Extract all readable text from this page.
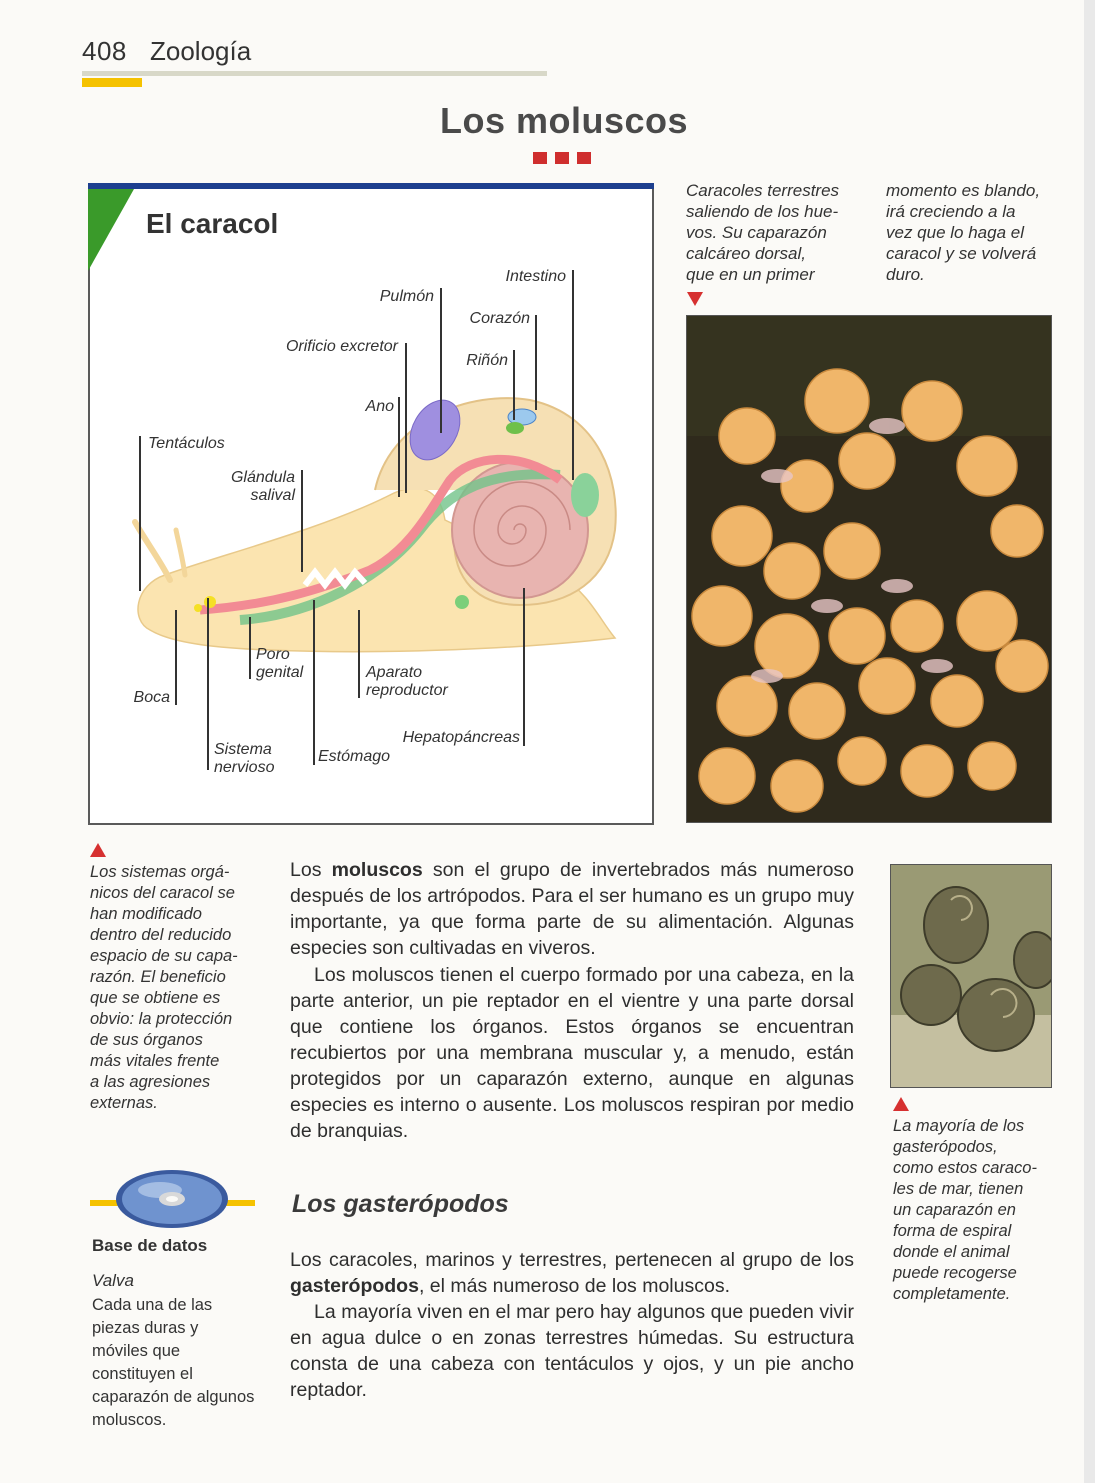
408 Zoología
Los moluscos
El caracol
Intestino
Pulmón
Corazón
Orificio excretor
Riñón
Ano
Tentáculos
Glándula
salival
Poro
genital	Aparato
reproductor
Boca
Hepatopáncreas
Sistema
nervioso
Estómago
Caracoles terrestres
saliendo de los hue-
vos. Su caparazón
calcáreo dorsal,
que en un primer
momento es blando,
irá creciendo a la
vez que lo haga el
caracol y se volverá
duro.
Los sistemas orgá-
nicos del caracol se
han modificado
dentro del reducido
espacio de su capa-
razón. El beneficio
que se obtiene es
obvio: la protección
de sus órganos
más vitales frente
a las agresiones
externas.
Los moluscos son el grupo de invertebrados más numeroso después de los artrópodos. Para el ser humano es un grupo muy importante, ya que forma parte de su alimentación. Algunas especies son cultivadas en viveros.
Los moluscos tienen el cuerpo formado por una cabeza, en la parte anterior, un pie reptador en el vientre y una parte dorsal que contiene los órganos. Estos órganos se encuentran recubiertos por una membrana muscular y, a menudo, están protegidos por un caparazón externo, aunque en algunas especies es interno o ausente. Los moluscos respiran por medio de branquias.
Los gasterópodos
Los caracoles, marinos y terrestres, pertenecen al grupo de los gasterópodos, el más numeroso de los moluscos.
La mayoría viven en el mar pero hay algunos que pueden vivir en agua dulce o en zonas terrestres húmedas. Su estructura consta de una cabeza con tentáculos y ojos, y un pie ancho reptador.
Base de datos
Valva
Cada una de las piezas duras y móviles que constituyen el caparazón de algunos moluscos.
La mayoría de los
gasterópodos,
como estos caraco-
les de mar, tienen
un caparazón en
forma de espiral
donde el animal
puede recogerse
completamente.
